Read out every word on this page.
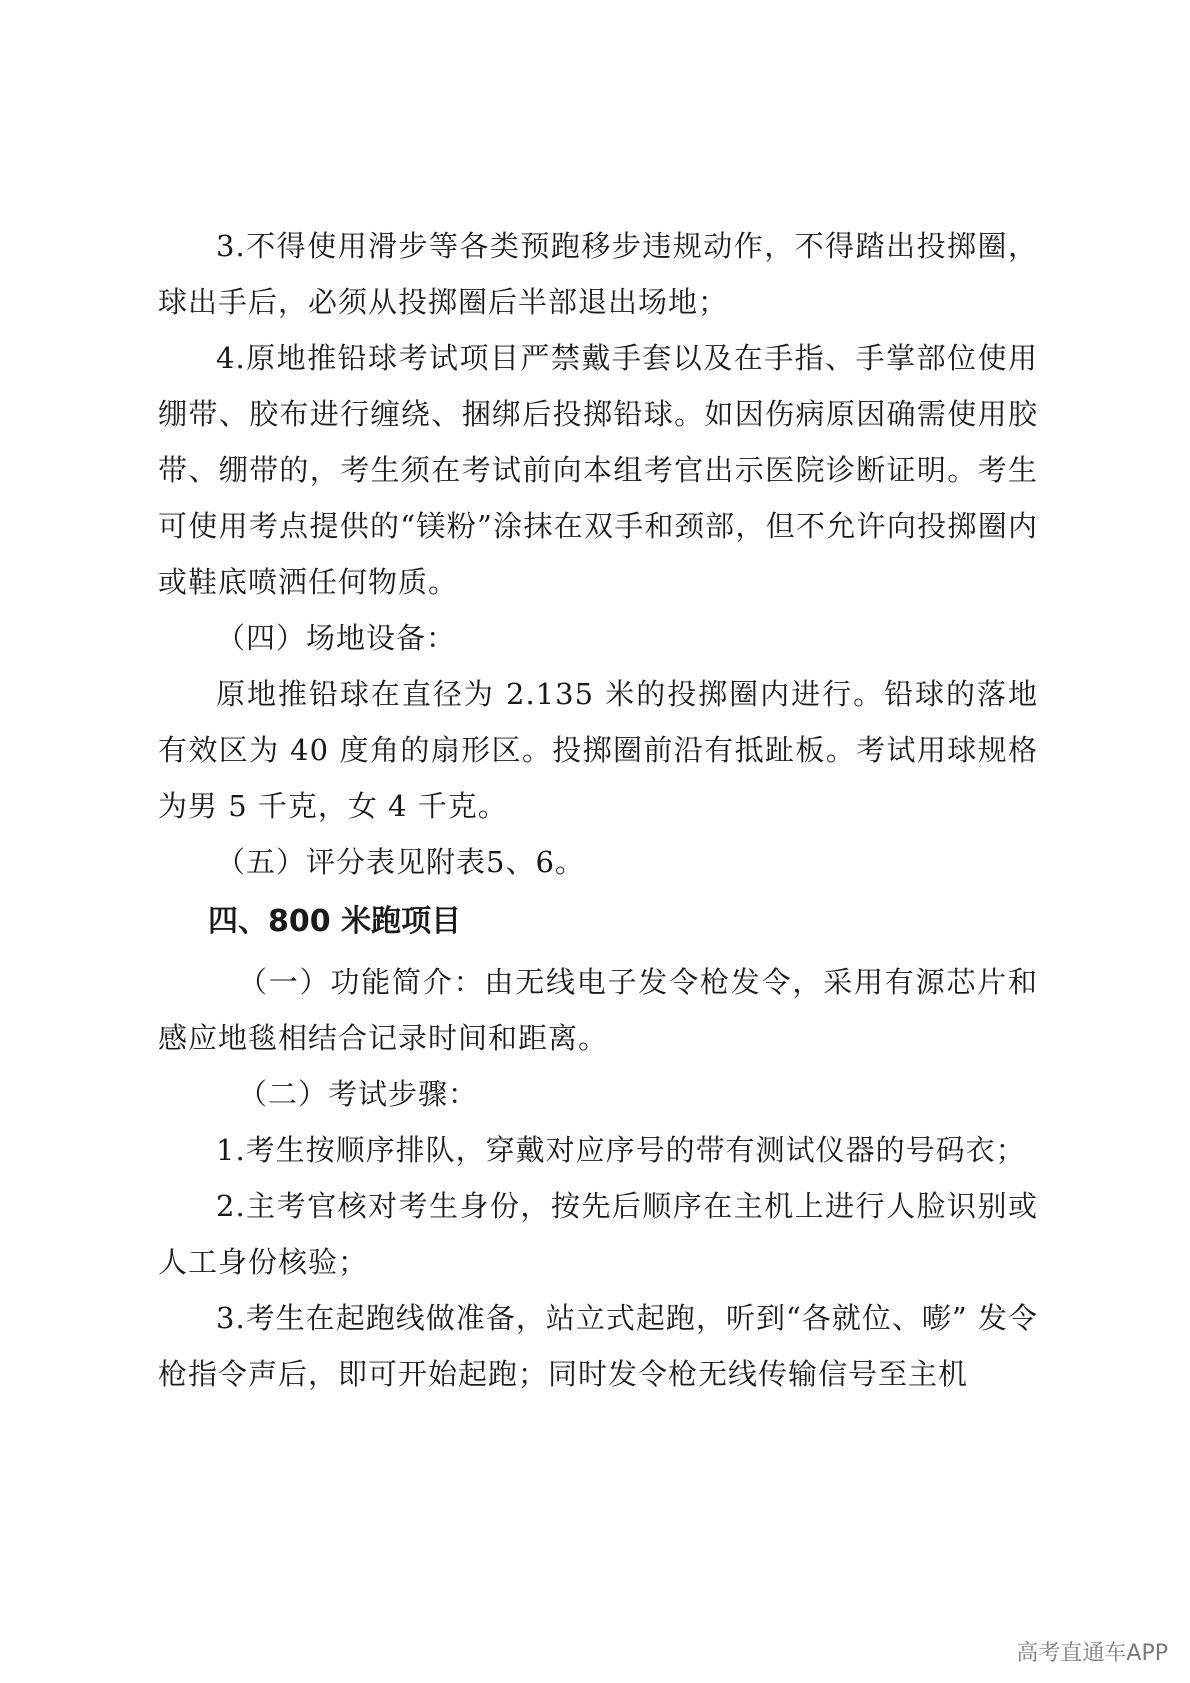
3.不得使用滑步等各类预跑移步违规动作，不得踏出投掷圈，球出手后，必须从投掷圈后半部退出场地；

4.原地推铅球考试项目严禁戴手套以及在手指、手掌部位使用绷带、胶布进行缠绕、捆绑后投掷铅球。如因伤病原因确需使用胶带、绷带的，考生须在考试前向本组考官出示医院诊断证明。考生可使用考点提供的“镁粉”涂抹在双手和颈部，但不允许向投掷圈内或鞋底喷洒任何物质。

（四）场地设备：

原地推铅球在直径为 2.135 米的投掷圈内进行。铅球的落地有效区为 40 度角的扇形区。投掷圈前沿有抵趾板。考试用球规格为男 5 千克，女 4 千克。

（五）评分表见附表5、6。

四、800 米跑项目

（一）功能简介：由无线电子发令枪发令，采用有源芯片和感应地毯相结合记录时间和距离。

（二）考试步骤：

1.考生按顺序排队，穿戴对应序号的带有测试仪器的号码衣；

2.主考官核对考生身份，按先后顺序在主机上进行人脸识别或人工身份核验；

3.考生在起跑线做准备，站立式起跑，听到“各就位、嘭” 发令枪指令声后，即可开始起跑；同时发令枪无线传输信号至主机

高考直通车APP
